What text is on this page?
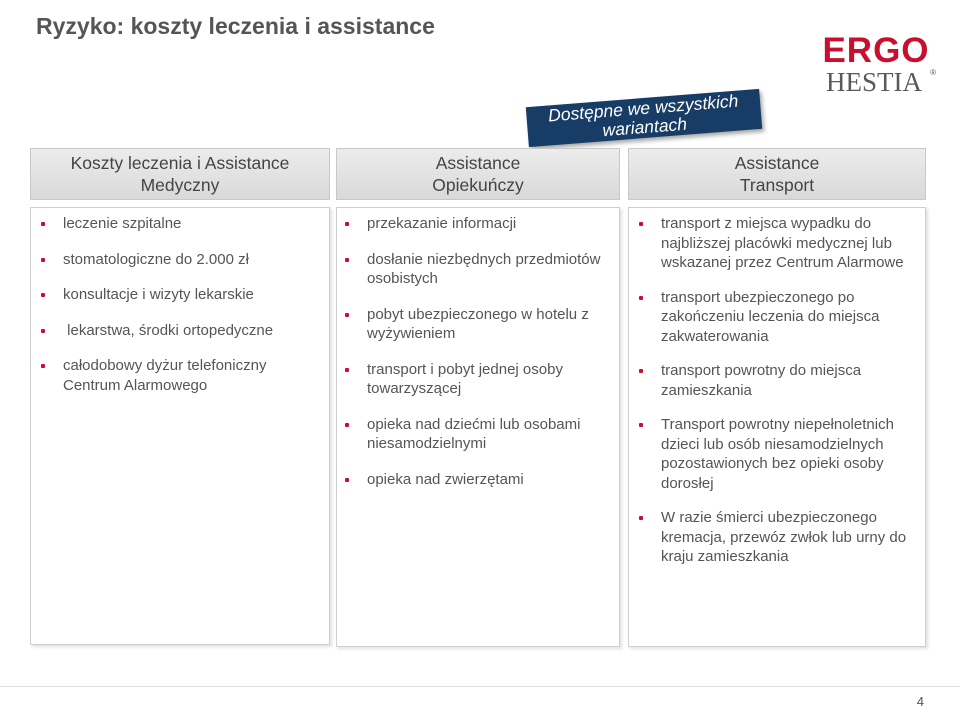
Ryzyko: koszty leczenia i assistance
ERGO
HESTIA	®
Dostępne we wszystkich wariantach
Koszty leczenia i Assistance
Medyczny
leczenie szpitalne
stomatologiczne do 2.000 zł
konsultacje i wizyty lekarskie
lekarstwa, środki ortopedyczne
całodobowy dyżur telefoniczny Centrum Alarmowego
Assistance
Opiekuńczy
przekazanie informacji
dosłanie niezbędnych przedmiotów osobistych
pobyt ubezpieczonego w hotelu z wyżywieniem
transport i pobyt jednej osoby towarzyszącej
opieka nad dziećmi lub osobami niesamodzielnymi
opieka nad zwierzętami
Assistance
Transport
transport z miejsca wypadku do najbliższej placówki medycznej lub wskazanej przez Centrum Alarmowe
transport ubezpieczonego po zakończeniu leczenia do miejsca zakwaterowania
transport powrotny do miejsca zamieszkania
Transport powrotny niepełnoletnich dzieci lub osób niesamodzielnych pozostawionych bez opieki osoby dorosłej
W razie śmierci ubezpieczonego kremacja, przewóz zwłok lub urny do kraju zamieszkania
4
